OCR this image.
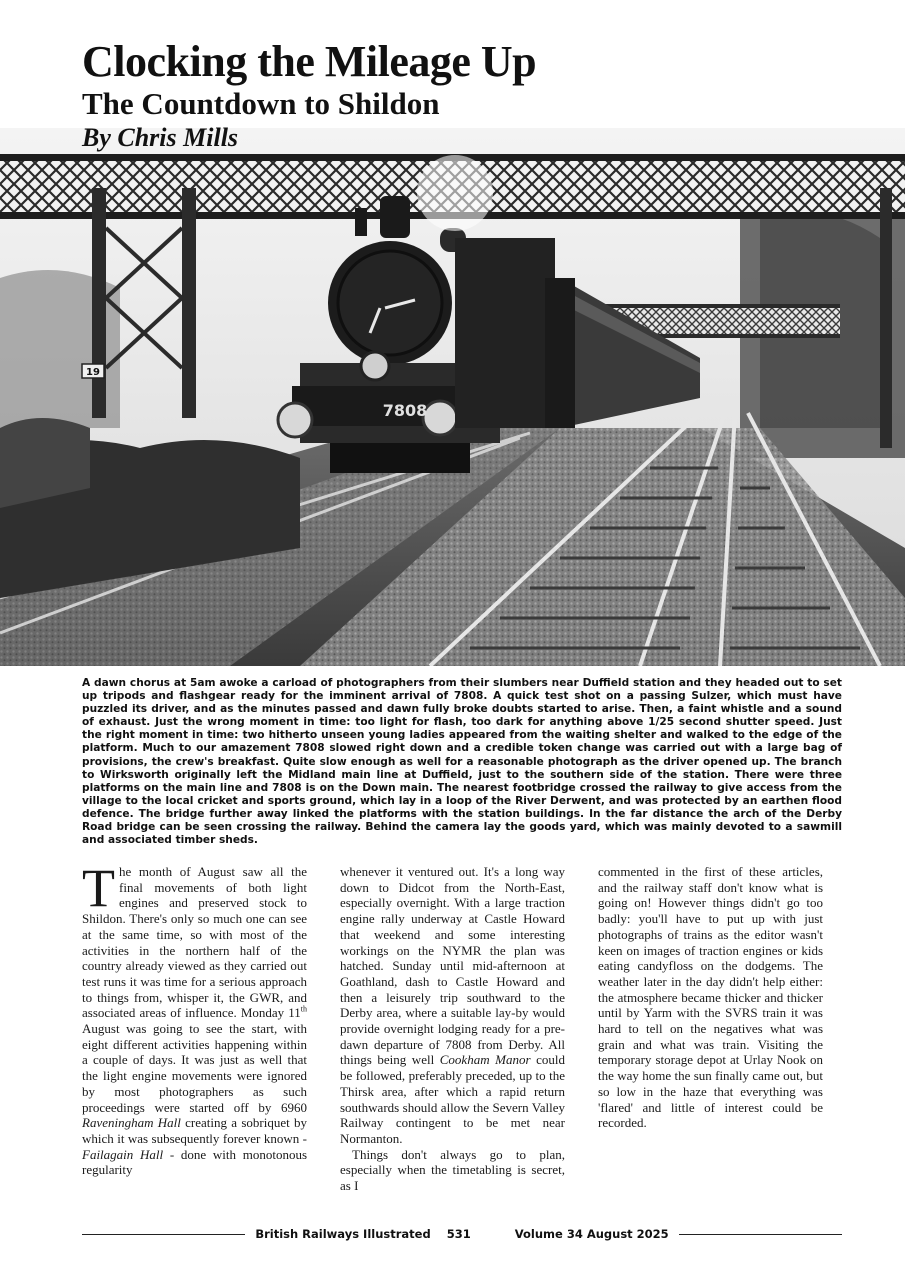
Clocking the Mileage Up
The Countdown to Shildon
By Chris Mills
19
7808

A dawn chorus at 5am awoke a carload of photographers from their slumbers near Duffield station and they headed out to set up tripods and flashgear ready for the imminent arrival of 7808. A quick test shot on a passing Sulzer, which must have puzzled its driver, and as the minutes passed and dawn fully broke doubts started to arise. Then, a faint whistle and a sound of exhaust. Just the wrong moment in time: too light for flash, too dark for anything above 1/25 second shutter speed. Just the right moment in time: two hitherto unseen young ladies appeared from the waiting shelter and walked to the edge of the platform. Much to our amazement 7808 slowed right down and a credible token change was carried out with a large bag of provisions, the crew's breakfast. Quite slow enough as well for a reasonable photograph as the driver opened up. The branch to Wirksworth originally left the Midland main line at Duffield, just to the southern side of the station. There were three platforms on the main line and 7808 is on the Down main. The nearest footbridge crossed the railway to give access from the village to the local cricket and sports ground, which lay in a loop of the River Derwent, and was protected by an earthen flood defence. The bridge further away linked the platforms with the station buildings. In the far distance the arch of the Derby Road bridge can be seen crossing the railway. Behind the camera lay the goods yard, which was mainly devoted to a sawmill and associated timber sheds.

T he month of August saw all the final movements of both light engines and preserved stock to Shildon. There's only so much one can see at the same time, so with most of the activities in the northern half of the country already viewed as they carried out test runs it was time for a serious approach to things from, whisper it, the GWR, and associated areas of influence. Monday 11th August was going to see the start, with eight different activities happening within a couple of days. It was just as well that the light engine movements were ignored by most photographers as such proceedings were started off by 6960 Raveningham Hall creating a sobriquet by which it was subsequently forever known - Failagain Hall - done with monotonous regularity

whenever it ventured out. It's a long way down to Didcot from the North-East, especially overnight. With a large traction engine rally underway at Castle Howard that weekend and some interesting workings on the NYMR the plan was hatched. Sunday until mid-afternoon at Goathland, dash to Castle Howard and then a leisurely trip southward to the Derby area, where a suitable lay-by would provide overnight lodging ready for a pre-dawn departure of 7808 from Derby. All things being well Cookham Manor could be followed, preferably preceded, up to the Thirsk area, after which a rapid return southwards should allow the Severn Valley Railway contingent to be met near Normanton.

Things don't always go to plan, especially when the timetabling is secret, as I

commented in the first of these articles, and the railway staff don't know what is going on! However things didn't go too badly: you'll have to put up with just photographs of trains as the editor wasn't keen on images of traction engines or kids eating candyfloss on the dodgems. The weather later in the day didn't help either: the atmosphere became thicker and thicker until by Yarm with the SVRS train it was hard to tell on the negatives what was grain and what was train. Visiting the temporary storage depot at Urlay Nook on the way home the sun finally came out, but so low in the haze that everything was 'flared' and little of interest could be recorded.

British Railways Illustrated 531	Volume 34 August 2025
